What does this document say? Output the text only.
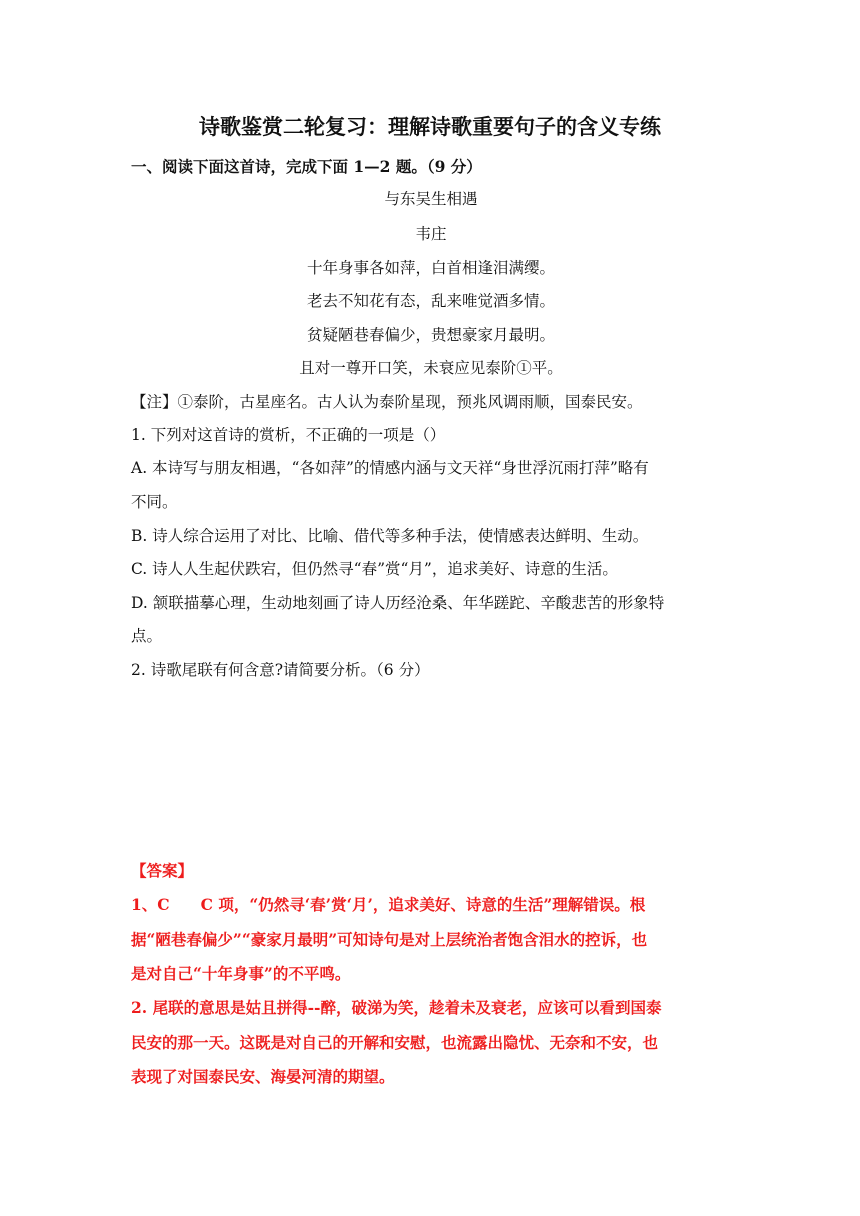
诗歌鉴赏二轮复习：理解诗歌重要句子的含义专练
一、阅读下面这首诗，完成下面 1—2 题。（9 分）
与东吴生相遇
韦庄
十年身事各如萍，白首相逢泪满缨。
老去不知花有态，乱来唯觉酒多情。
贫疑陋巷春偏少，贵想豪家月最明。
且对一尊开口笑，未衰应见泰阶①平。
【注】①泰阶，古星座名。古人认为泰阶星现，预兆风调雨顺，国泰民安。
1. 下列对这首诗的赏析，不正确的一项是（）
A. 本诗写与朋友相遇，“各如萍”的情感内涵与文天祥“身世浮沉雨打萍”略有
不同。
B. 诗人综合运用了对比、比喻、借代等多种手法，使情感表达鲜明、生动。
C. 诗人人生起伏跌宕，但仍然寻“春”赏“月”，追求美好、诗意的生活。
D. 颔联描摹心理，生动地刻画了诗人历经沧桑、年华蹉跎、辛酸悲苦的形象特
点。
2. 诗歌尾联有何含意?请简要分析。（6 分）
【答案】
1、C　　C 项，“仍然寻‘春’赏‘月’，追求美好、诗意的生活”理解错误。根
据“陋巷春偏少”“豪家月最明”可知诗句是对上层统治者饱含泪水的控诉，也
是对自己“十年身事”的不平鸣。
2. 尾联的意思是姑且拼得--醉，破涕为笑，趁着未及衰老，应该可以看到国泰
民安的那一天。这既是对自己的开解和安慰，也流露出隐忧、无奈和不安，也
表现了对国泰民安、海晏河清的期望。
